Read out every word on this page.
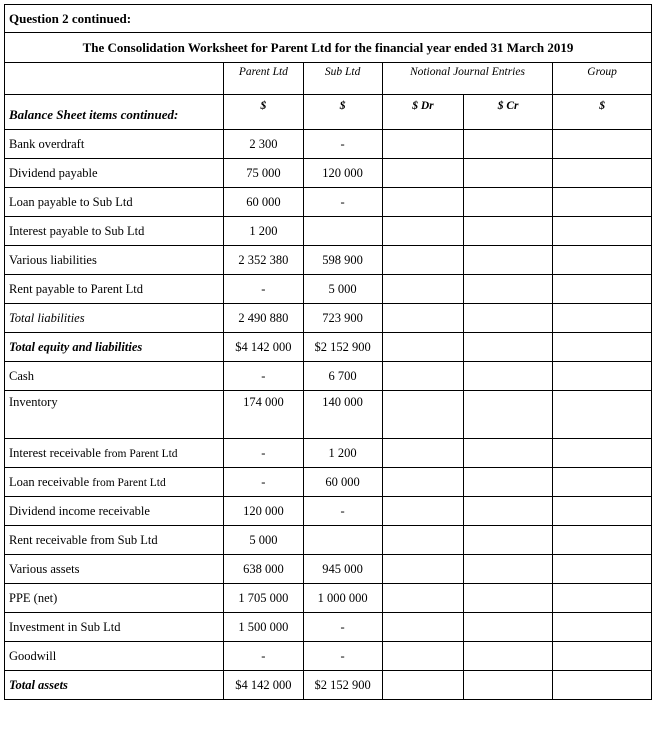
Question 2 continued:					
The Consolidation Worksheet for Parent Ltd for the financial year ended 31 March 2019					
	Parent Ltd	Sub Ltd	Notional Journal Entries		Group
Balance Sheet items continued:	$	$	$ Dr	$ Cr	$
Bank overdraft	2 300	-			
Dividend payable	75 000	120 000			
Loan payable to Sub Ltd	60 000	-			
Interest payable to Sub Ltd	1 200				
Various liabilities	2 352 380	598 900			
Rent payable to Parent Ltd	-	5 000			
Total liabilities	2 490 880	723 900			
Total equity and liabilities	$4 142 000	$2 152 900			
Cash	-	6 700			
Inventory	174 000	140 000			
Interest receivable from Parent Ltd	-	1 200			
Loan receivable from Parent Ltd	-	60 000			
Dividend income receivable	120 000	-			
Rent receivable from Sub Ltd	5 000				
Various assets	638 000	945 000			
PPE (net)	1 705 000	1 000 000			
Investment in Sub Ltd	1 500 000	-			
Goodwill	-	-			
Total assets	$4 142 000	$2 152 900			
